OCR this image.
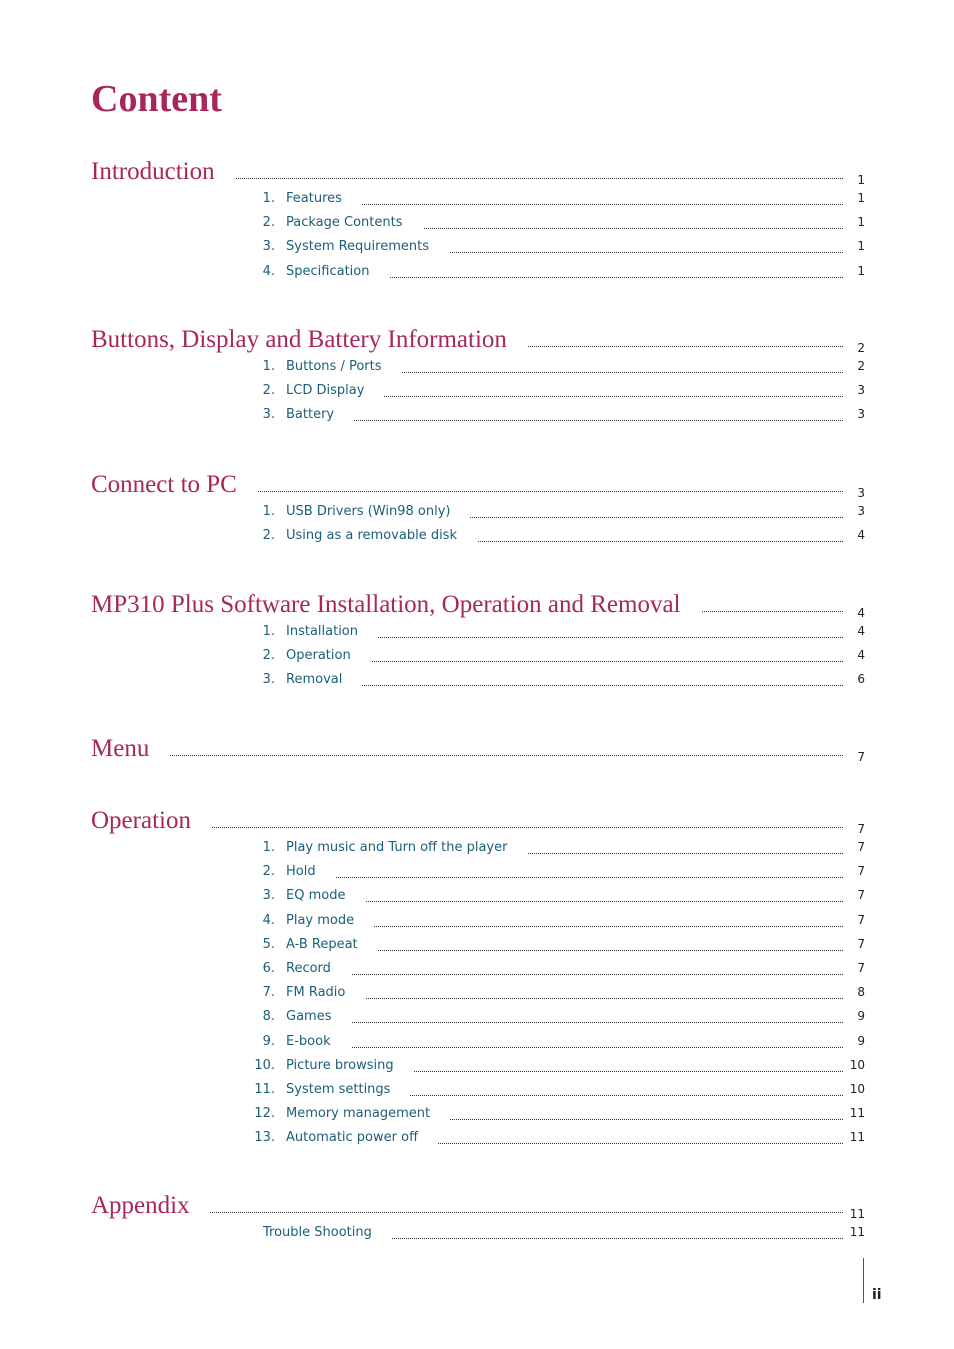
Content
Introduction	1
1. Features	1
2. Package Contents	1
3. System Requirements	1
4. Specification	1
Buttons, Display and Battery Information	2
1. Buttons / Ports	2
2. LCD Display	3
3. Battery	3
Connect to PC	3
1. USB Drivers (Win98 only)	3
2. Using as a removable disk	4
MP310 Plus Software Installation, Operation and Removal	4
1. Installation	4
2. Operation	4
3. Removal	6
Menu	7
Operation	7
1. Play music and Turn off the player	7
2. Hold	7
3. EQ mode	7
4. Play mode	7
5. A-B Repeat	7
6. Record	7
7. FM Radio	8
8. Games	9
9. E-book	9
10. Picture browsing	10
11. System settings	10
12. Memory management	11
13. Automatic power off	11
Appendix	11
Trouble Shooting	11
ii
